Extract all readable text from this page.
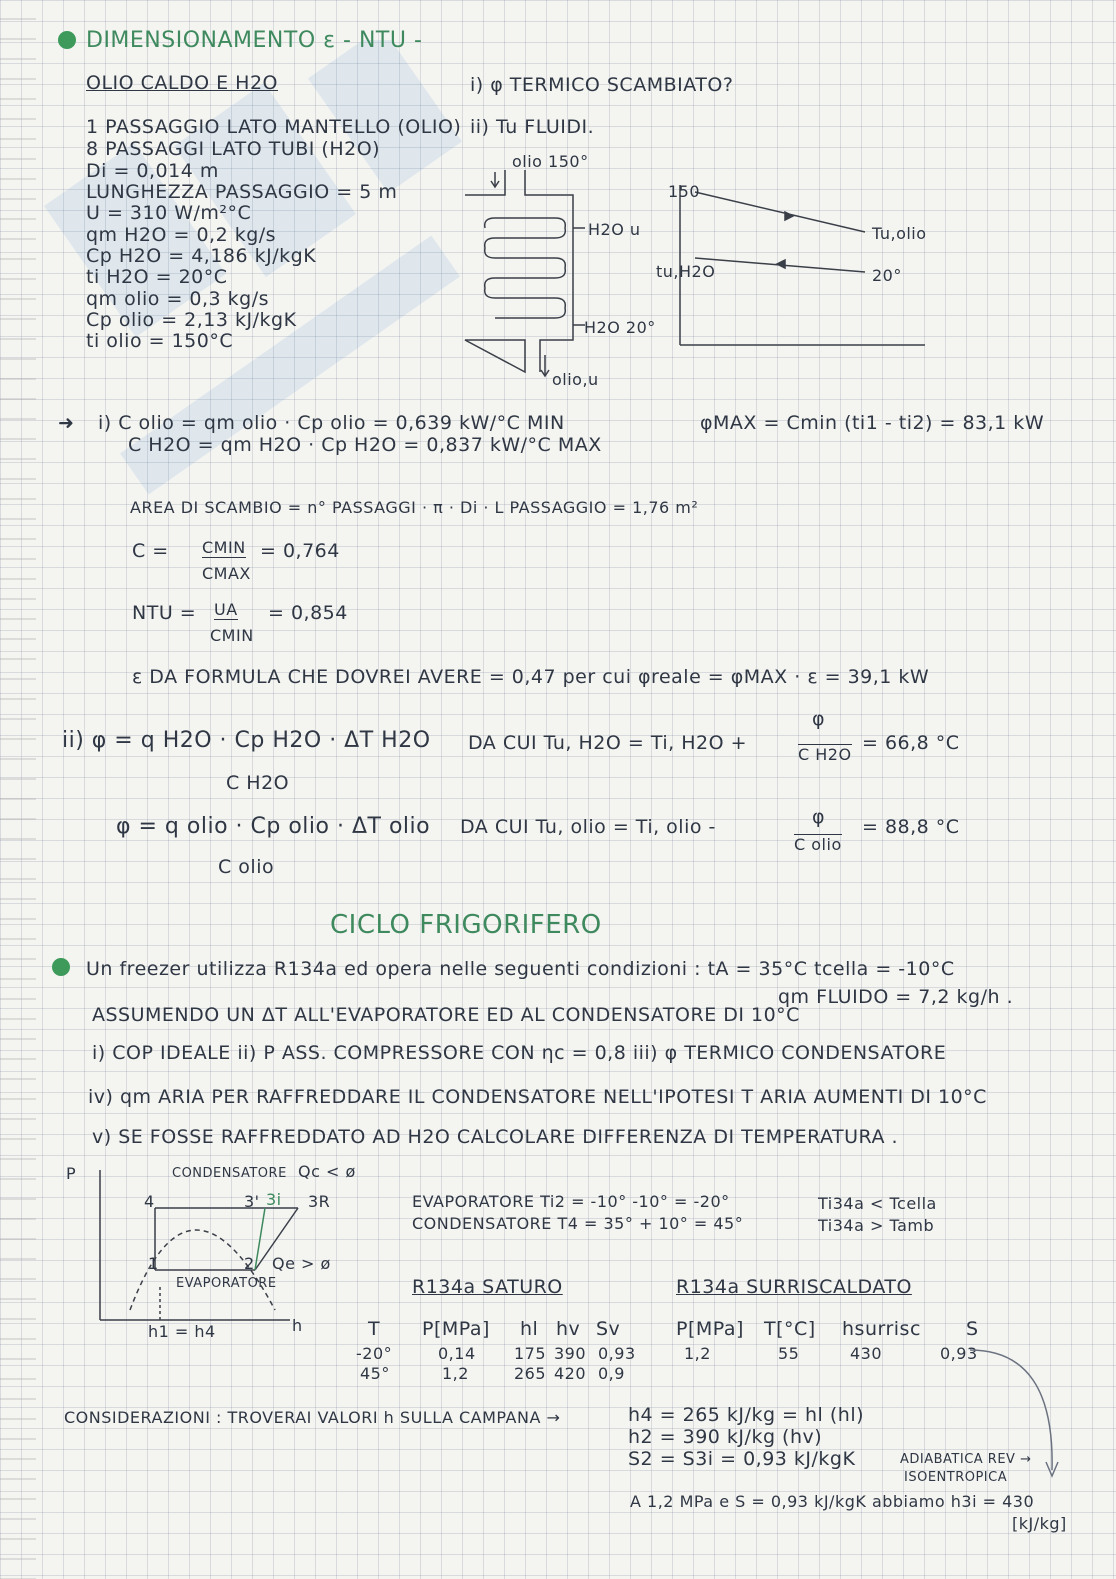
DIMENSIONAMENTO ε - NTU -
OLIO CALDO E H2O
1 PASSAGGIO LATO MANTELLO (OLIO)
8 PASSAGGI LATO TUBI (H2O)
Di = 0,014 m
LUNGHEZZA PASSAGGIO = 5 m
U = 310 W/m²°C
qm H2O = 0,2 kg/s
Cp H2O = 4,186 kJ/kgK
ti H2O = 20°C
qm olio = 0,3 kg/s
Cp olio = 2,13 kJ/kgK
ti olio = 150°C
i) φ TERMICO SCAMBIATO?
ii) Tu FLUIDI.
olio 150°
H2O u
H2O 20°
olio,u
150
Tu,olio
tu,H2O	20°
➜ i) C olio = qm olio · Cp olio = 0,639 kW/°C MIN	φMAX = Cmin (ti1 - ti2) = 83,1 kW
C H2O = qm H2O · Cp H2O = 0,837 kW/°C MAX
AREA DI SCAMBIO = n° PASSAGGI · π · Di · L PASSAGGIO = 1,76 m²
C = CMIN
CMAX
= 0,764
NTU = UA
CMIN
= 0,854
ε DA FORMULA CHE DOVREI AVERE = 0,47 per cui φreale = φMAX · ε = 39,1 kW
ii) φ = q H2O · Cp H2O · ΔT H2O
C H2O
DA CUI Tu, H2O = Ti, H2O +
φ
C H2O
= 66,8 °C
φ = q olio · Cp olio · ΔT olio
C olio
DA CUI Tu, olio = Ti, olio -	φ
C olio
= 88,8 °C
CICLO FRIGORIFERO
Un freezer utilizza R134a ed opera nelle seguenti condizioni : tA = 35°C tcella = -10°C
qm FLUIDO = 7,2 kg/h .
ASSUMENDO UN ΔT ALL'EVAPORATORE ED AL CONDENSATORE DI 10°C
i) COP IDEALE ii) P ASS. COMPRESSORE CON ηc = 0,8 iii) φ TERMICO CONDENSATORE
iv) qm ARIA PER RAFFREDDARE IL CONDENSATORE NELL'IPOTESI T ARIA AUMENTI DI 10°C
v) SE FOSSE RAFFREDDATO AD H2O CALCOLARE DIFFERENZA DI TEMPERATURA .
P
h
CONDENSATORE Qc < ø
4	3' 3i 3R
1	2
EVAPORATORE
Qe > ø
h1 = h4
EVAPORATORE Ti2 = -10° -10° = -20°
CONDENSATORE T4 = 35° + 10° = 45°
Ti34a < Tcella
Ti34a > Tamb
R134a SATURO
T P[MPa] hl hv Sv
-20°	0,14 175 390 0,93
45°	1,2	265 420 0,9
R134a SURRISCALDATO
P[MPa] T[°C] hsurrisc S
1,2	55	430	0,93
CONSIDERAZIONI : TROVERAI VALORI h SULLA CAMPANA →	h4 = 265 kJ/kg = hl (hl)
h2 = 390 kJ/kg (hv)
S2 = S3i = 0,93 kJ/kgK	ADIABATICA REV →
ISOENTROPICA
A 1,2 MPa e S = 0,93 kJ/kgK abbiamo h3i = 430
[kJ/kg]
